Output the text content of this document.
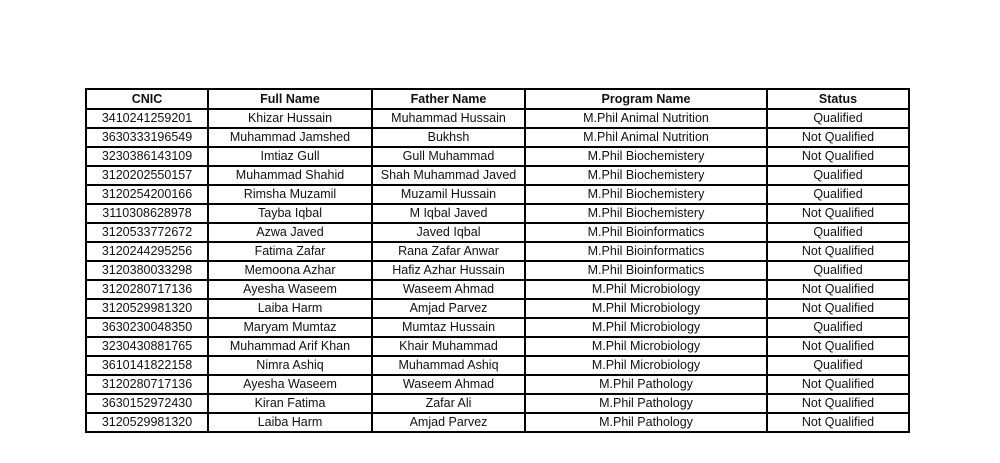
CNIC	Full Name	Father Name	Program Name	Status
3410241259201	Khizar Hussain	Muhammad Hussain	M.Phil Animal Nutrition	Qualified
3630333196549	Muhammad Jamshed	Bukhsh	M.Phil Animal Nutrition	Not Qualified
3230386143109	Imtiaz Gull	Gull Muhammad	M.Phil Biochemistery	Not Qualified
3120202550157	Muhammad Shahid	Shah Muhammad Javed	M.Phil Biochemistery	Qualified
3120254200166	Rimsha Muzamil	Muzamil Hussain	M.Phil Biochemistery	Qualified
3110308628978	Tayba Iqbal	M Iqbal Javed	M.Phil Biochemistery	Not Qualified
3120533772672	Azwa Javed	Javed Iqbal	M.Phil Bioinformatics	Qualified
3120244295256	Fatima Zafar	Rana Zafar Anwar	M.Phil Bioinformatics	Not Qualified
3120380033298	Memoona Azhar	Hafiz Azhar Hussain	M.Phil Bioinformatics	Qualified
3120280717136	Ayesha Waseem	Waseem Ahmad	M.Phil Microbiology	Not Qualified
3120529981320	Laiba Harm	Amjad Parvez	M.Phil Microbiology	Not Qualified
3630230048350	Maryam Mumtaz	Mumtaz Hussain	M.Phil Microbiology	Qualified
3230430881765	Muhammad Arif Khan	Khair Muhammad	M.Phil Microbiology	Not Qualified
3610141822158	Nimra Ashiq	Muhammad Ashiq	M.Phil Microbiology	Qualified
3120280717136	Ayesha Waseem	Waseem Ahmad	M.Phil Pathology	Not Qualified
3630152972430	Kiran Fatima	Zafar Ali	M.Phil Pathology	Not Qualified
3120529981320	Laiba Harm	Amjad Parvez	M.Phil Pathology	Not Qualified
